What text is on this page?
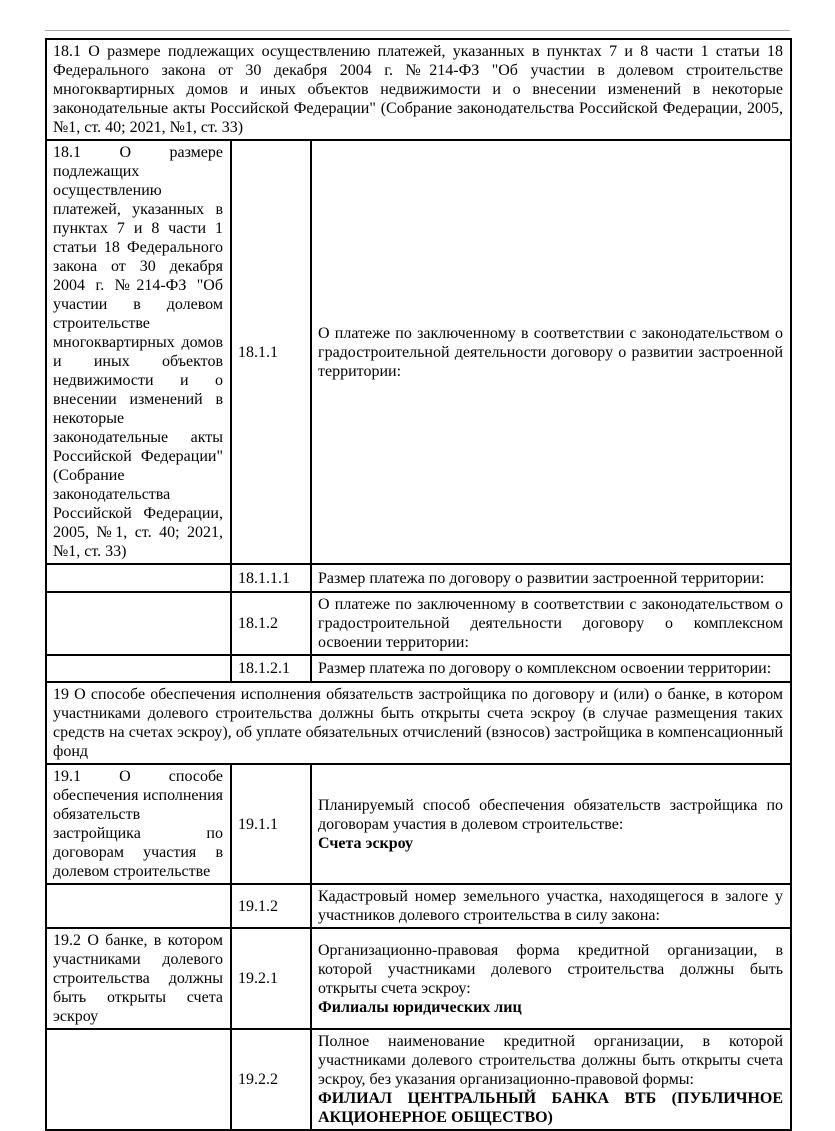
18.1 О размере подлежащих осуществлению платежей, указанных в пунктах 7 и 8 части 1 статьи 18 Федерального закона от 30 декабря 2004 г. №214-ФЗ "Об участии в долевом строительстве многоквартирных домов и иных объектов недвижимости и о внесении изменений в некоторые законодательные акты Российской Федерации" (Собрание законодательства Российской Федерации, 2005, №1, ст. 40; 2021, №1, ст. 33)		
18.1 О размере подлежащих осуществлению платежей, указанных в пунктах 7 и 8 части 1 статьи 18 Федерального закона от 30 декабря 2004 г. №214-ФЗ "Об участии в долевом строительстве многоквартирных домов и иных объектов недвижимости и о внесении изменений в некоторые законодательные акты Российской Федерации" (Собрание законодательства Российской Федерации, 2005, №1, ст. 40; 2021, №1, ст. 33)	18.1.1	О платеже по заключенному в соответствии с законодательством о градостроительной деятельности договору о развитии застроенной территории:
	18.1.1.1	Размер платежа по договору о развитии застроенной территории:
	18.1.2	О платеже по заключенному в соответствии с законодательством о градостроительной деятельности договору о комплексном освоении территории:
	18.1.2.1	Размер платежа по договору о комплексном освоении территории:
19 О способе обеспечения исполнения обязательств застройщика по договору и (или) о банке, в котором участниками долевого строительства должны быть открыты счета эскроу (в случае размещения таких средств на счетах эскроу), об уплате обязательных отчислений (взносов) застройщика в компенсационный фонд		
19.1 О способе обеспечения исполнения обязательств застройщика по договорам участия в долевом строительстве	19.1.1	Планируемый способ обеспечения обязательств застройщика по договорам участия в долевом строительстве:
Счета эскроу

	19.1.2	Кадастровый номер земельного участка, находящегося в залоге у участников долевого строительства в силу закона:
19.2 О банке, в котором участниками долевого строительства должны быть открыты счета эскроу	19.2.1	Организационно-правовая форма кредитной организации, в которой участниками долевого строительства должны быть открыты счета эскроу:
Филиалы юридических лиц

	19.2.2	Полное наименование кредитной организации, в которой участниками долевого строительства должны быть открыты счета эскроу, без указания организационно-правовой формы:
ФИЛИАЛ ЦЕНТРАЛЬНЫЙ БАНКА ВТБ (ПУБЛИЧНОЕ АКЦИОНЕРНОЕ ОБЩЕСТВО)
